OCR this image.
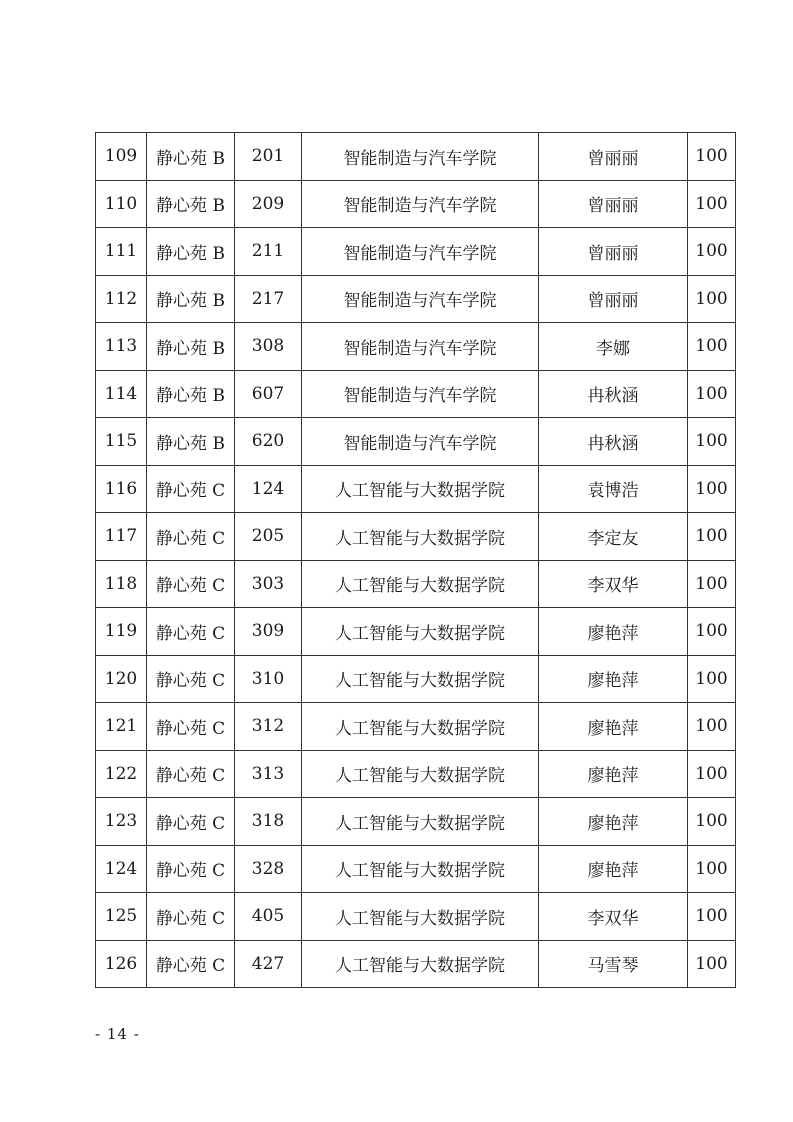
109	静心苑 B	201	智能制造与汽车学院	曾丽丽	100
110	静心苑 B	209	智能制造与汽车学院	曾丽丽	100
111	静心苑 B	211	智能制造与汽车学院	曾丽丽	100
112	静心苑 B	217	智能制造与汽车学院	曾丽丽	100
113	静心苑 B	308	智能制造与汽车学院	李娜	100
114	静心苑 B	607	智能制造与汽车学院	冉秋涵	100
115	静心苑 B	620	智能制造与汽车学院	冉秋涵	100
116	静心苑 C	124	人工智能与大数据学院	袁博浩	100
117	静心苑 C	205	人工智能与大数据学院	李定友	100
118	静心苑 C	303	人工智能与大数据学院	李双华	100
119	静心苑 C	309	人工智能与大数据学院	廖艳萍	100
120	静心苑 C	310	人工智能与大数据学院	廖艳萍	100
121	静心苑 C	312	人工智能与大数据学院	廖艳萍	100
122	静心苑 C	313	人工智能与大数据学院	廖艳萍	100
123	静心苑 C	318	人工智能与大数据学院	廖艳萍	100
124	静心苑 C	328	人工智能与大数据学院	廖艳萍	100
125	静心苑 C	405	人工智能与大数据学院	李双华	100
126	静心苑 C	427	人工智能与大数据学院	马雪琴	100
- 14 -
